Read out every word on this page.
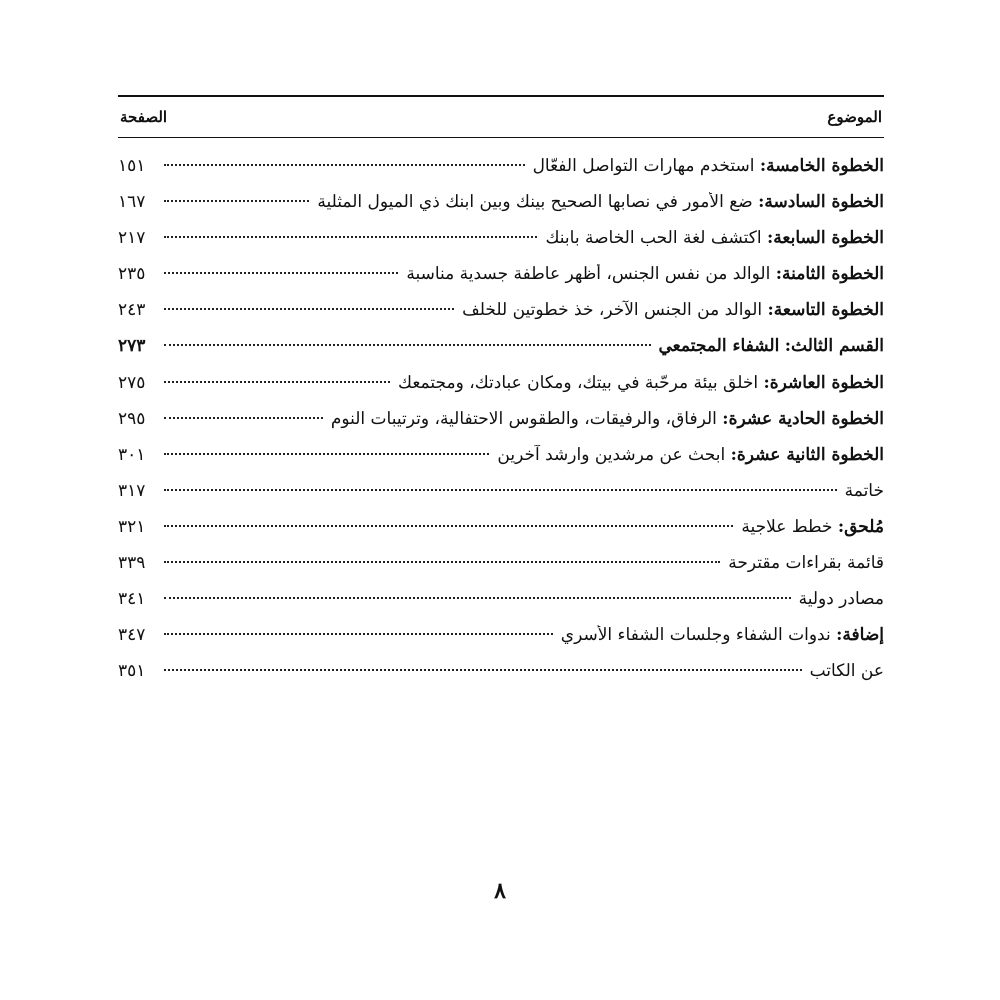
الموضوع
الصفحة
الخطوة الخامسة: استخدم مهارات التواصل الفعّال
١٥١
الخطوة السادسة: ضع الأمور في نصابها الصحيح بينك وبين ابنك ذي الميول المثلية
١٦٧
الخطوة السابعة: اكتشف لغة الحب الخاصة بابنك
٢١٧
الخطوة الثامنة: الوالد من نفس الجنس، أظهر عاطفة جسدية مناسبة
٢٣٥
الخطوة التاسعة: الوالد من الجنس الآخر، خذ خطوتين للخلف
٢٤٣
القسم الثالث: الشفاء المجتمعي
٢٧٣
الخطوة العاشرة: اخلق بيئة مرحّبة في بيتك، ومكان عبادتك، ومجتمعك
٢٧٥
الخطوة الحادية عشرة: الرفاق، والرفيقات، والطقوس الاحتفالية، وترتيبات النوم
٢٩٥
الخطوة الثانية عشرة: ابحث عن مرشدين وارشد آخرين
٣٠١
خاتمة
٣١٧
مُلحق: خطط علاجية
٣٢١
قائمة بقراءات مقترحة
٣٣٩
مصادر دولية
٣٤١
إضافة: ندوات الشفاء وجلسات الشفاء الأسري
٣٤٧
عن الكاتب
٣٥١
٨
